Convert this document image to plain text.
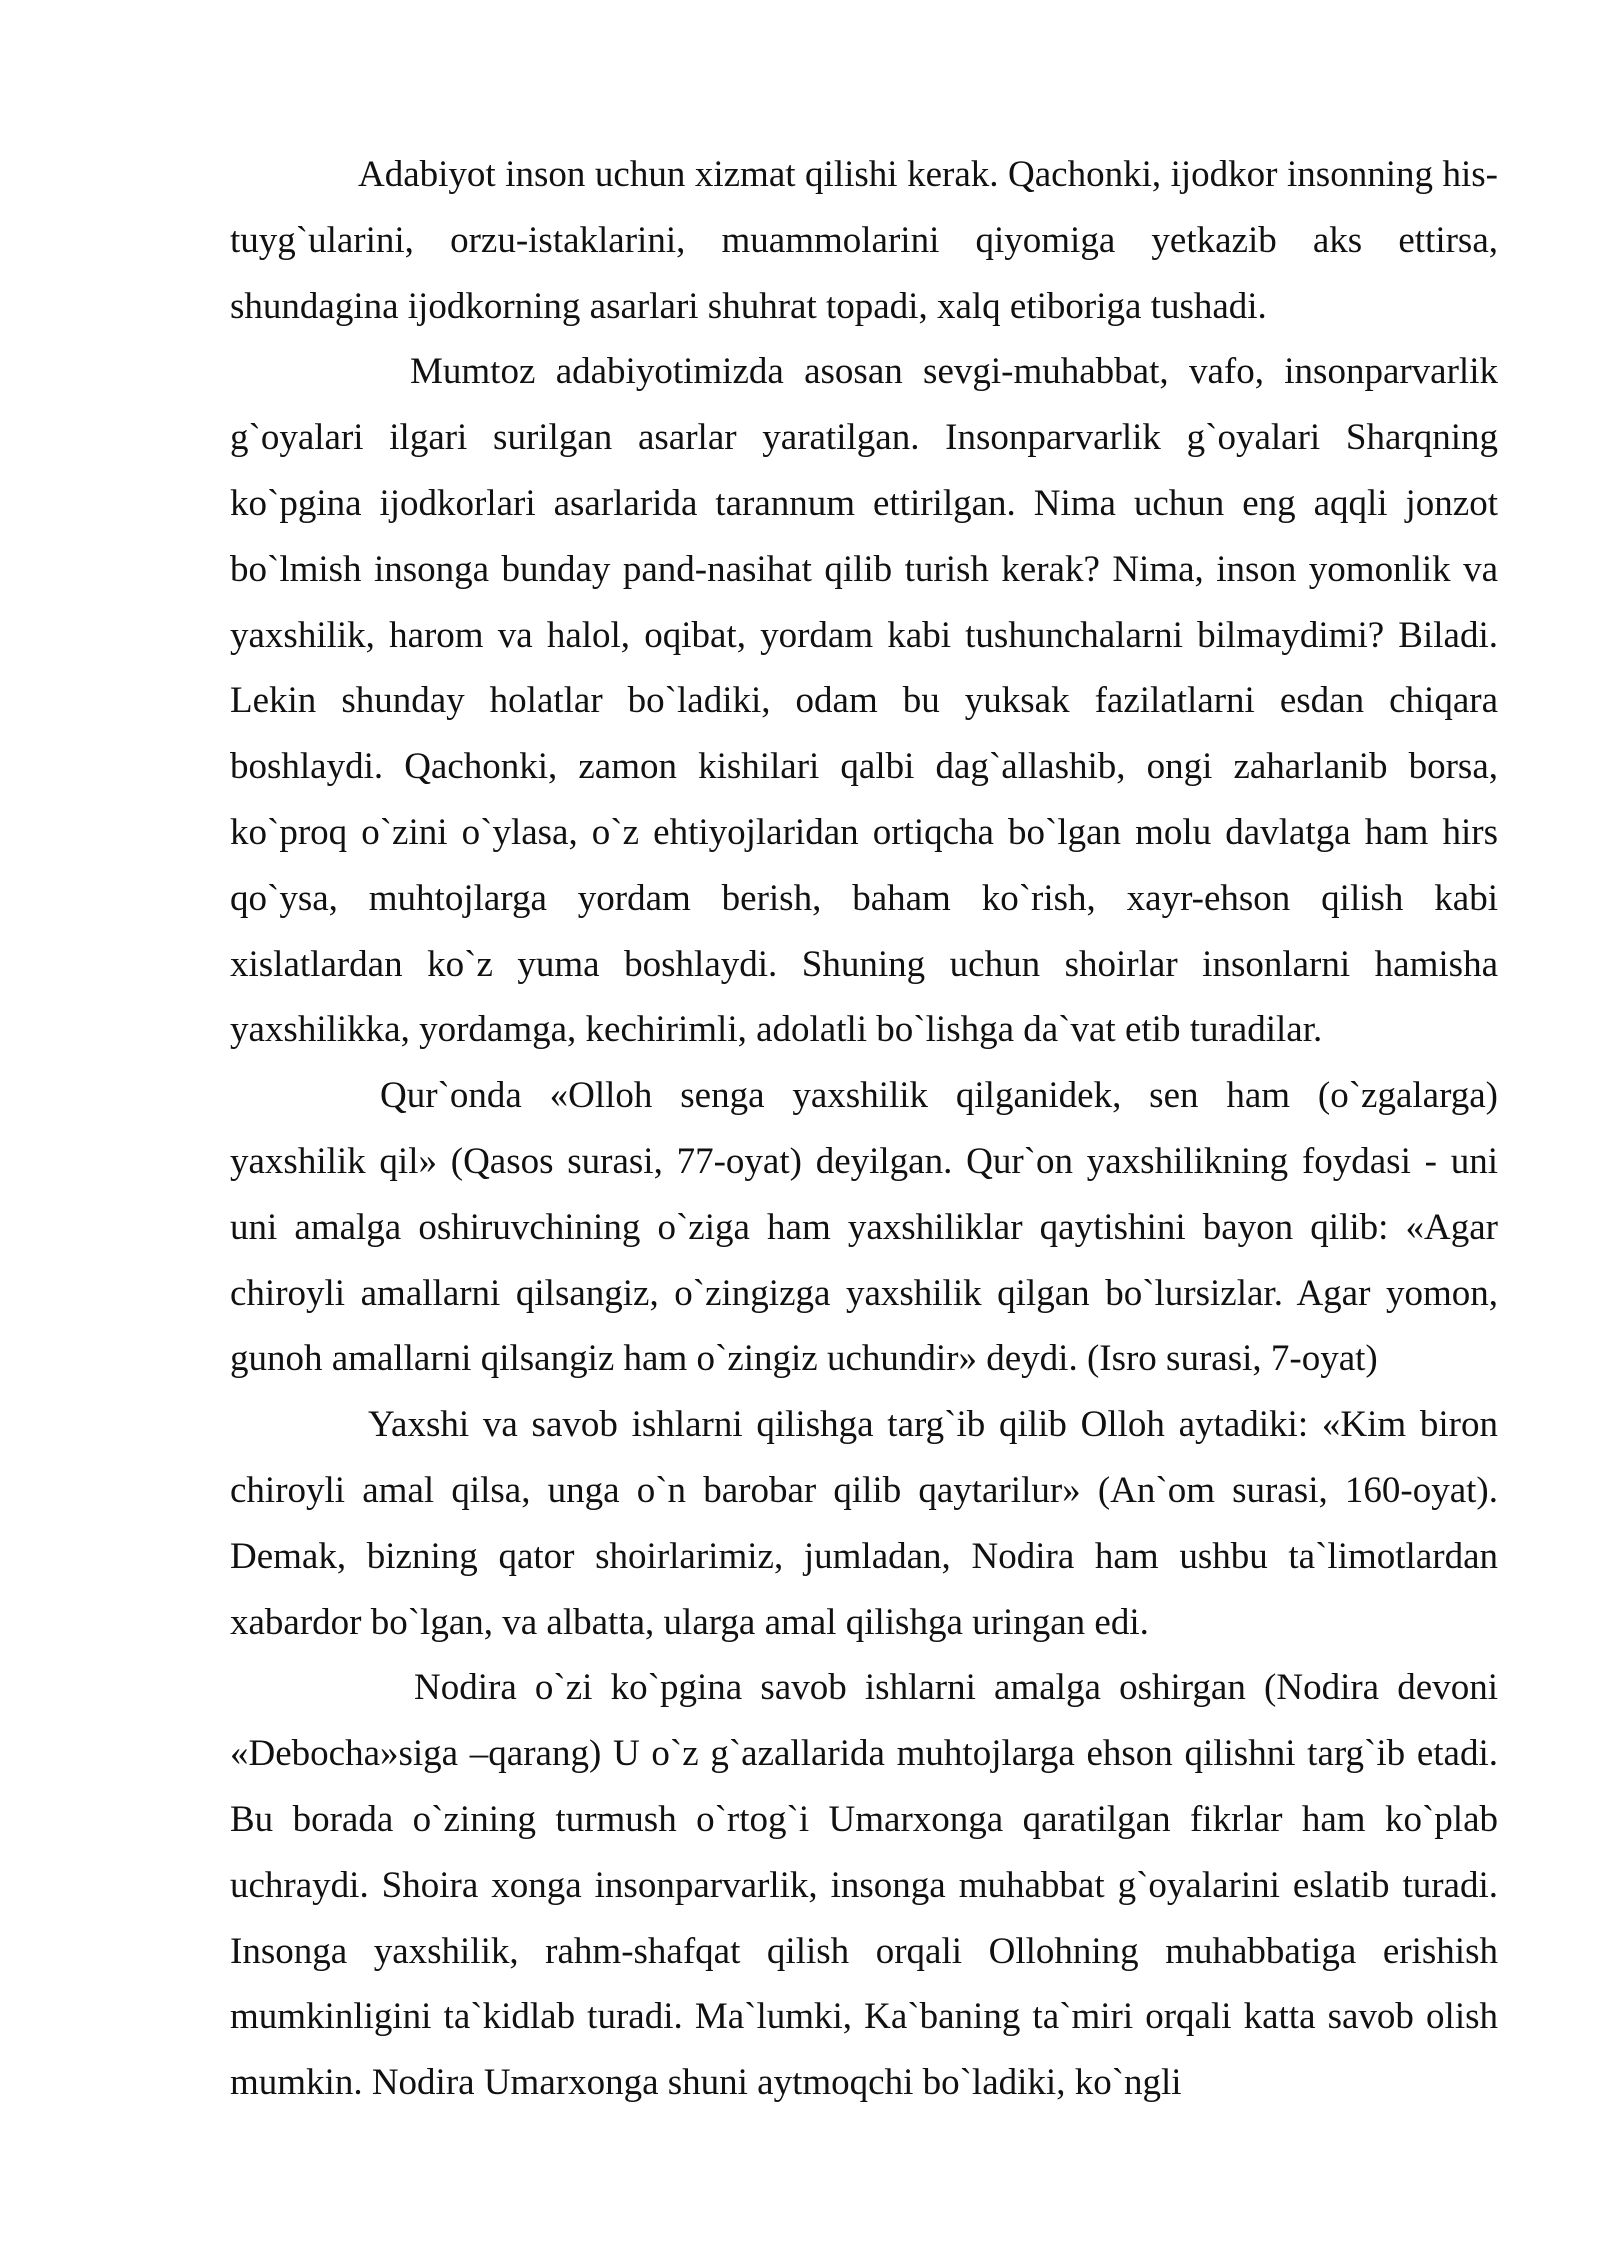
Adabiyot inson uchun xizmat qilishi kerak. Qachonki, ijodkor insonning his-tuyg`ularini, orzu-istaklarini, muammolarini qiyomiga yetkazib aks ettirsa, shundagina ijodkorning asarlari shuhrat topadi, xalq etiboriga tushadi.

Mumtoz adabiyotimizda asosan sevgi-muhabbat, vafo, insonparvarlik g`oyalari ilgari surilgan asarlar yaratilgan. Insonparvarlik g`oyalari Sharqning ko`pgina ijodkorlari asarlarida tarannum ettirilgan. Nima uchun eng aqqli jonzot bo`lmish insonga bunday pand-nasihat qilib turish kerak? Nima, inson yomonlik va yaxshilik, harom va halol, oqibat, yordam kabi tushunchalarni bilmaydimi? Biladi. Lekin shunday holatlar bo`ladiki, odam bu yuksak fazilatlarni esdan chiqara boshlaydi. Qachonki, zamon kishilari qalbi dag`allashib, ongi zaharlanib borsa, ko`proq o`zini o`ylasa, o`z ehtiyojlaridan ortiqcha bo`lgan molu davlatga ham hirs qo`ysa, muhtojlarga yordam berish, baham ko`rish, xayr-ehson qilish kabi xislatlardan ko`z yuma boshlaydi. Shuning uchun shoirlar insonlarni hamisha yaxshilikka, yordamga, kechirimli, adolatli bo`lishga da`vat etib turadilar.

Qur`onda «Olloh senga yaxshilik qilganidek, sen ham (o`zgalarga) yaxshilik qil» (Qasos surasi, 77-oyat) deyilgan. Qur`on yaxshilikning foydasi - uni uni amalga oshiruvchining o`ziga ham yaxshiliklar qaytishini bayon qilib: «Agar chiroyli amallarni qilsangiz, o`zingizga yaxshilik qilgan bo`lursizlar. Agar yomon, gunoh amallarni qilsangiz ham o`zingiz uchundir» deydi. (Isro surasi, 7-oyat)

Yaxshi va savob ishlarni qilishga targ`ib qilib Olloh aytadiki: «Kim biron chiroyli amal qilsa, unga o`n barobar qilib qaytarilur» (An`om surasi, 160-oyat). Demak, bizning qator shoirlarimiz, jumladan, Nodira ham ushbu ta`limotlardan xabardor bo`lgan, va albatta, ularga amal qilishga uringan edi.

Nodira o`zi ko`pgina savob ishlarni amalga oshirgan (Nodira devoni «Debocha»siga –qarang) U o`z g`azallarida muhtojlarga ehson qilishni targ`ib etadi. Bu borada o`zining turmush o`rtog`i Umarxonga qaratilgan fikrlar ham ko`plab uchraydi. Shoira xonga insonparvarlik, insonga muhabbat g`oyalarini eslatib turadi. Insonga yaxshilik, rahm-shafqat qilish orqali Ollohning muhabbatiga erishish mumkinligini ta`kidlab turadi. Ma`lumki, Ka`baning ta`miri orqali katta savob olish mumkin. Nodira Umarxonga shuni aytmoqchi bo`ladiki, ko`ngli
